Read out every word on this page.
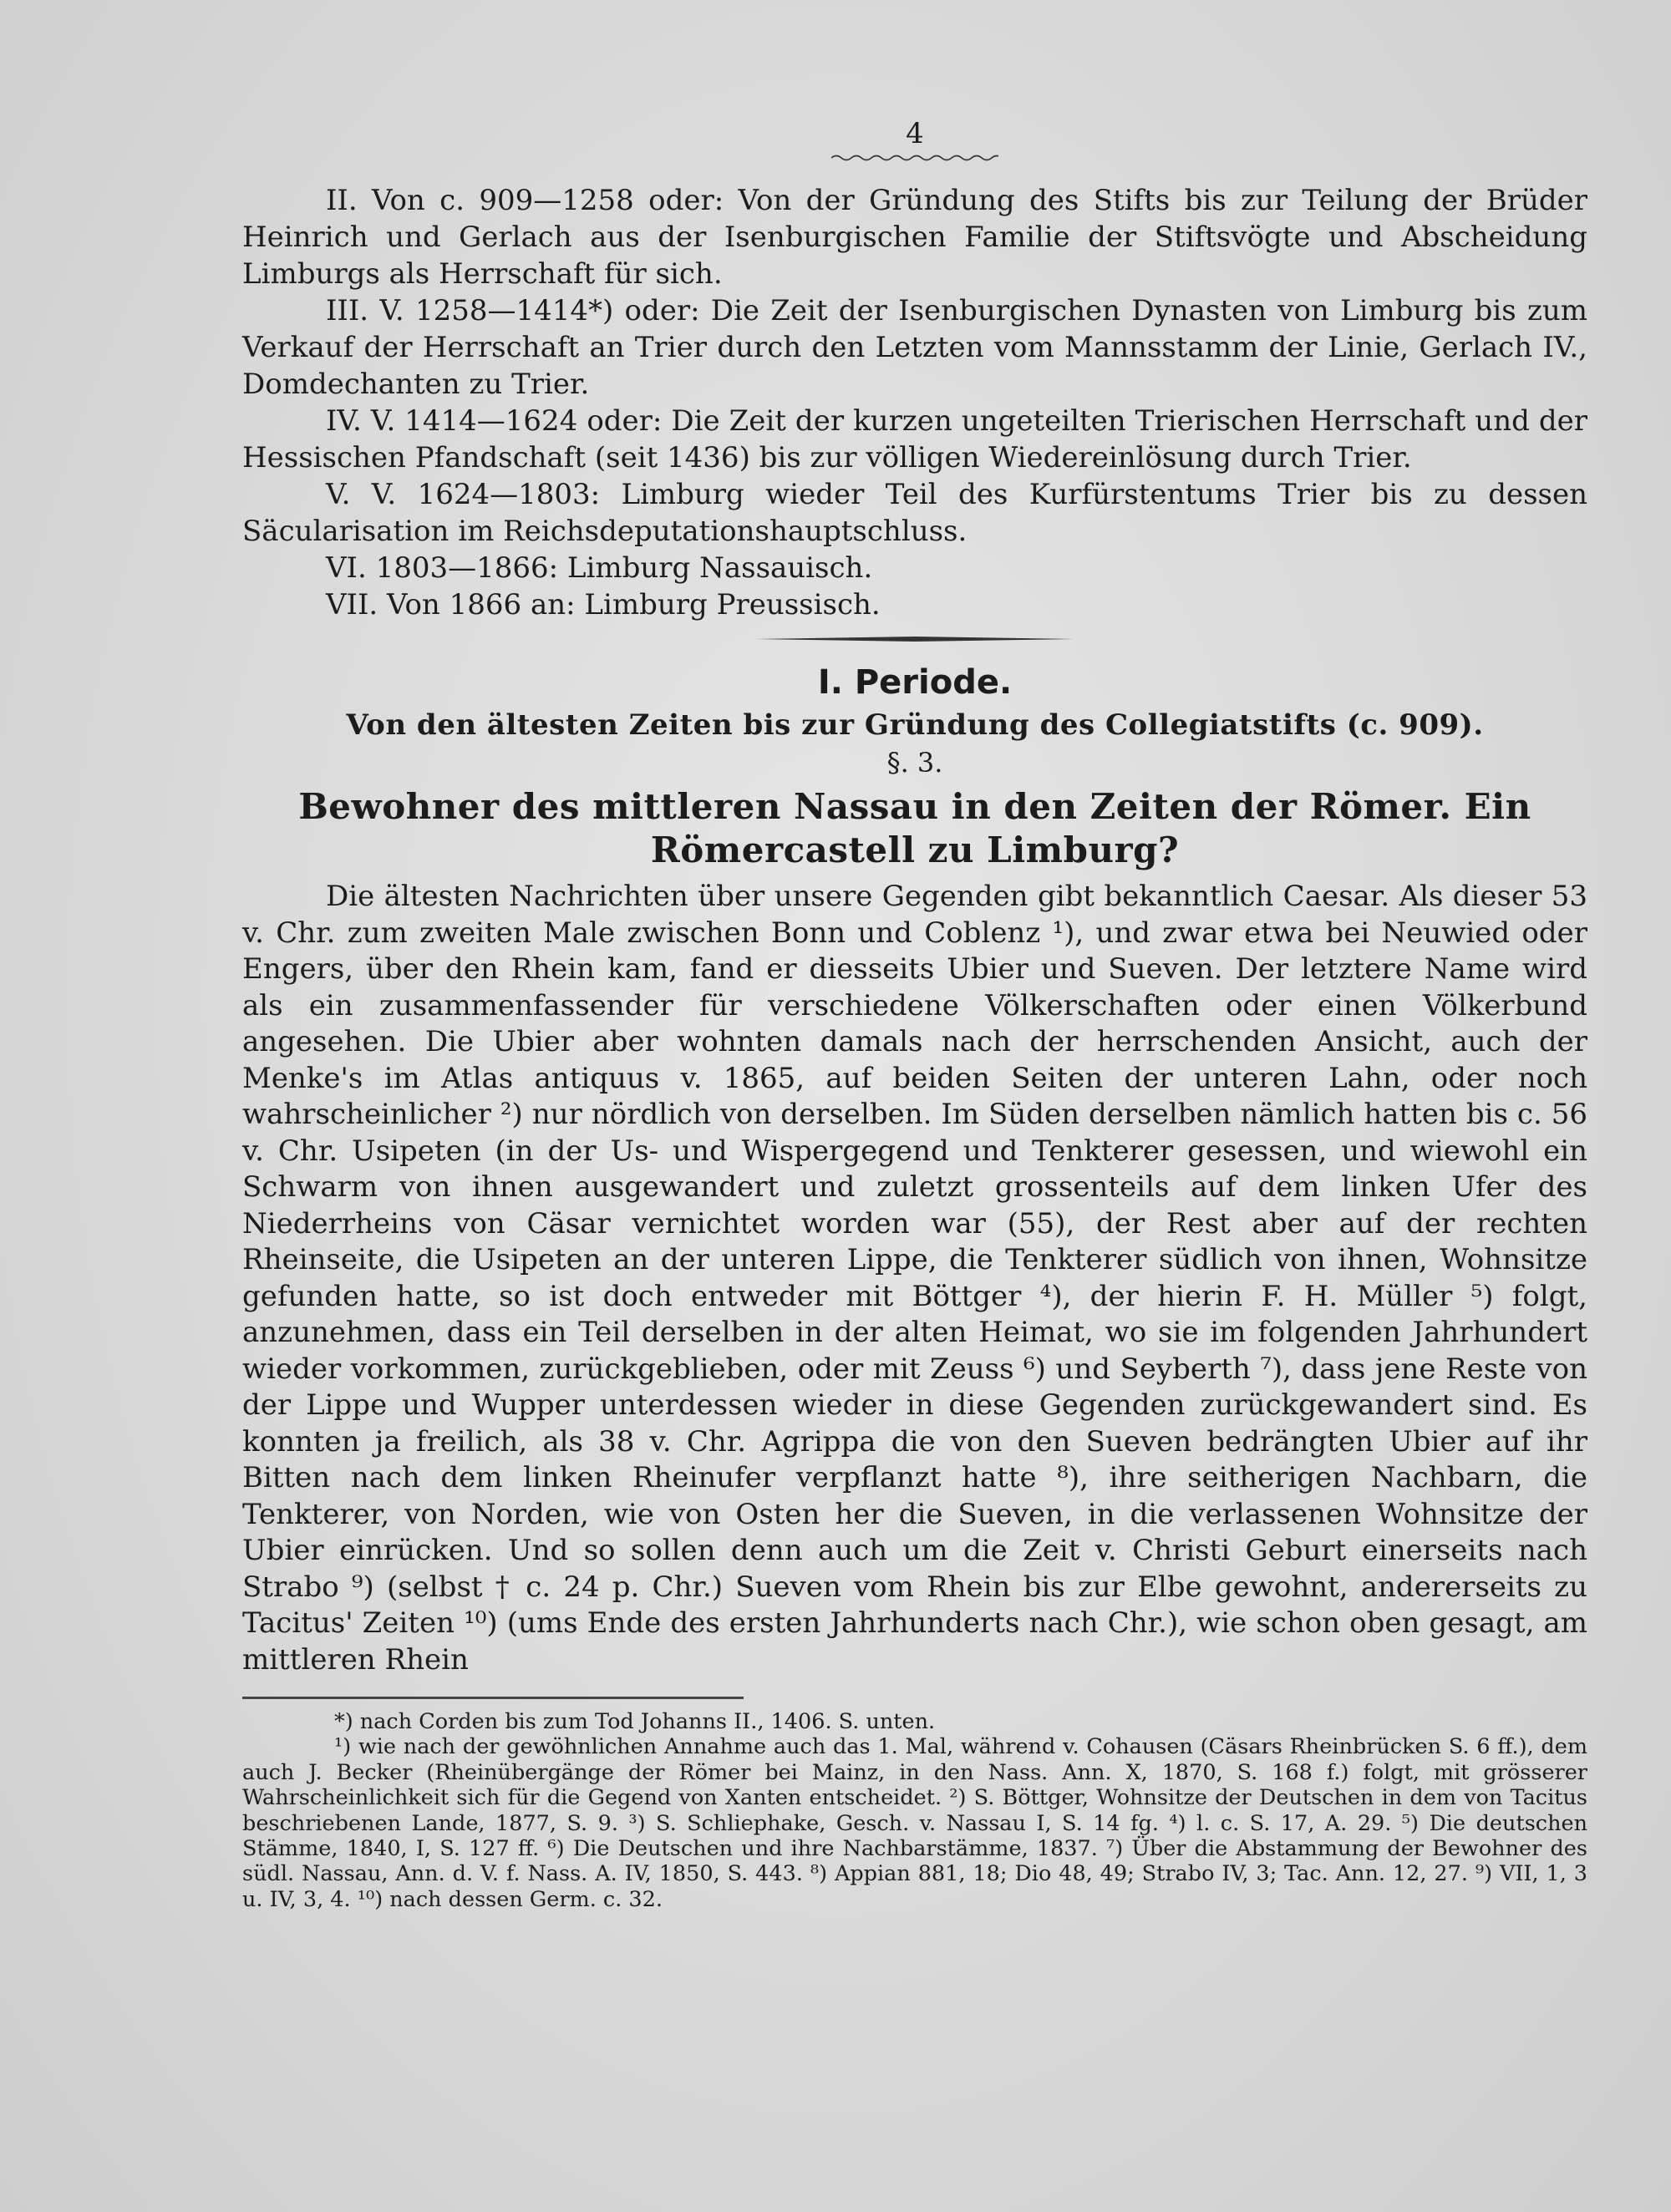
4

II. Von c. 909—1258 oder: Von der Gründung des Stifts bis zur Teilung der Brüder Heinrich und Gerlach aus der Isenburgischen Familie der Stiftsvögte und Abscheidung Limburgs als Herrschaft für sich.

III. V. 1258—1414*) oder: Die Zeit der Isenburgischen Dynasten von Limburg bis zum Verkauf der Herrschaft an Trier durch den Letzten vom Mannsstamm der Linie, Gerlach IV., Domdechanten zu Trier.

IV. V. 1414—1624 oder: Die Zeit der kurzen ungeteilten Trierischen Herrschaft und der Hessischen Pfandschaft (seit 1436) bis zur völligen Wiedereinlösung durch Trier.

V. V. 1624—1803: Limburg wieder Teil des Kurfürstentums Trier bis zu dessen Säcularisation im Reichsdeputationshauptschluss.

VI. 1803—1866: Limburg Nassauisch.

VII. Von 1866 an: Limburg Preussisch.

I. Periode.
Von den ältesten Zeiten bis zur Gründung des Collegiatstifts (c. 909).
§. 3.
Bewohner des mittleren Nassau in den Zeiten der Römer. Ein Römercastell zu Limburg?

Die ältesten Nachrichten über unsere Gegenden gibt bekanntlich Caesar. Als dieser 53 v. Chr. zum zweiten Male zwischen Bonn und Coblenz ¹), und zwar etwa bei Neuwied oder Engers, über den Rhein kam, fand er diesseits Ubier und Sueven. Der letztere Name wird als ein zusammenfassender für verschiedene Völkerschaften oder einen Völkerbund angesehen. Die Ubier aber wohnten damals nach der herrschenden Ansicht, auch der Menke's im Atlas antiquus v. 1865, auf beiden Seiten der unteren Lahn, oder noch wahrscheinlicher ²) nur nördlich von derselben. Im Süden derselben nämlich hatten bis c. 56 v. Chr. Usipeten (in der Us- und Wispergegend und Tenkterer gesessen, und wiewohl ein Schwarm von ihnen ausgewandert und zuletzt grossenteils auf dem linken Ufer des Niederrheins von Cäsar vernichtet worden war (55), der Rest aber auf der rechten Rheinseite, die Usipeten an der unteren Lippe, die Tenkterer südlich von ihnen, Wohnsitze gefunden hatte, so ist doch entweder mit Böttger ⁴), der hierin F. H. Müller ⁵) folgt, anzunehmen, dass ein Teil derselben in der alten Heimat, wo sie im folgenden Jahrhundert wieder vorkommen, zurückgeblieben, oder mit Zeuss ⁶) und Seyberth ⁷), dass jene Reste von der Lippe und Wupper unterdessen wieder in diese Gegenden zurückgewandert sind. Es konnten ja freilich, als 38 v. Chr. Agrippa die von den Sueven bedrängten Ubier auf ihr Bitten nach dem linken Rheinufer verpflanzt hatte ⁸), ihre seitherigen Nachbarn, die Tenkterer, von Norden, wie von Osten her die Sueven, in die verlassenen Wohnsitze der Ubier einrücken. Und so sollen denn auch um die Zeit v. Christi Geburt einerseits nach Strabo ⁹) (selbst † c. 24 p. Chr.) Sueven vom Rhein bis zur Elbe gewohnt, andererseits zu Tacitus' Zeiten ¹⁰) (ums Ende des ersten Jahrhunderts nach Chr.), wie schon oben gesagt, am mittleren Rhein

*) nach Corden bis zum Tod Johanns II., 1406. S. unten.

¹) wie nach der gewöhnlichen Annahme auch das 1. Mal, während v. Cohausen (Cäsars Rheinbrücken S. 6 ff.), dem auch J. Becker (Rheinübergänge der Römer bei Mainz, in den Nass. Ann. X, 1870, S. 168 f.) folgt, mit grösserer Wahrscheinlichkeit sich für die Gegend von Xanten entscheidet. ²) S. Böttger, Wohnsitze der Deutschen in dem von Tacitus beschriebenen Lande, 1877, S. 9. ³) S. Schliephake, Gesch. v. Nassau I, S. 14 fg. ⁴) l. c. S. 17, A. 29. ⁵) Die deutschen Stämme, 1840, I, S. 127 ff. ⁶) Die Deutschen und ihre Nachbarstämme, 1837. ⁷) Über die Abstammung der Bewohner des südl. Nassau, Ann. d. V. f. Nass. A. IV, 1850, S. 443. ⁸) Appian 881, 18; Dio 48, 49; Strabo IV, 3; Tac. Ann. 12, 27. ⁹) VII, 1, 3 u. IV, 3, 4. ¹⁰) nach dessen Germ. c. 32.
